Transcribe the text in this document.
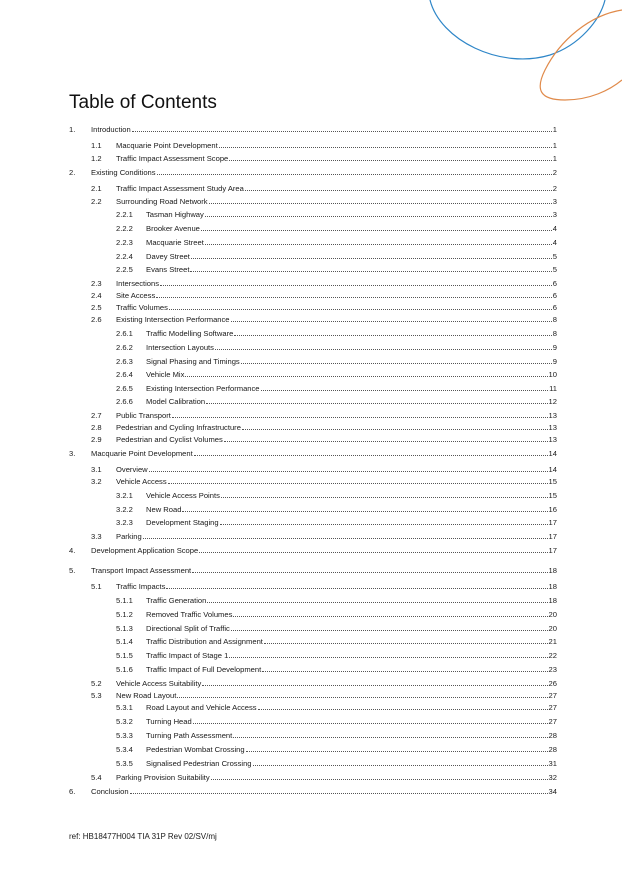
Table of Contents
1.	Introduction	1
1.1	Macquarie Point Development	1
1.2	Traffic Impact Assessment Scope	1
2.	Existing Conditions	2
2.1	Traffic Impact Assessment Study Area	2
2.2	Surrounding Road Network	3
2.2.1	Tasman Highway	3
2.2.2	Brooker Avenue	4
2.2.3	Macquarie Street	4
2.2.4	Davey Street	5
2.2.5	Evans Street	5
2.3	Intersections	6
2.4	Site Access	6
2.5	Traffic Volumes	6
2.6	Existing Intersection Performance	8
2.6.1	Traffic Modelling Software	8
2.6.2	Intersection Layouts	9
2.6.3	Signal Phasing and Timings	9
2.6.4	Vehicle Mix	10
2.6.5	Existing Intersection Performance	11
2.6.6	Model Calibration	12
2.7	Public Transport	13
2.8	Pedestrian and Cycling Infrastructure	13
2.9	Pedestrian and Cyclist Volumes	13
3.	Macquarie Point Development	14
3.1	Overview	14
3.2	Vehicle Access	15
3.2.1	Vehicle Access Points	15
3.2.2	New Road	16
3.2.3	Development Staging	17
3.3	Parking	17
4.	Development Application Scope	17
5.	Transport Impact Assessment	18
5.1	Traffic Impacts	18
5.1.1	Traffic Generation	18
5.1.2	Removed Traffic Volumes	20
5.1.3	Directional Split of Traffic	20
5.1.4	Traffic Distribution and Assignment	21
5.1.5	Traffic Impact of Stage 1	22
5.1.6	Traffic Impact of Full Development	23
5.2	Vehicle Access Suitability	26
5.3	New Road Layout	27
5.3.1	Road Layout and Vehicle Access	27
5.3.2	Turning Head	27
5.3.3	Turning Path Assessment	28
5.3.4	Pedestrian Wombat Crossing	28
5.3.5	Signalised Pedestrian Crossing	31
5.4	Parking Provision Suitability	32
6.	Conclusion	34
ref: HB18477H004 TIA 31P Rev 02/SV/mj
